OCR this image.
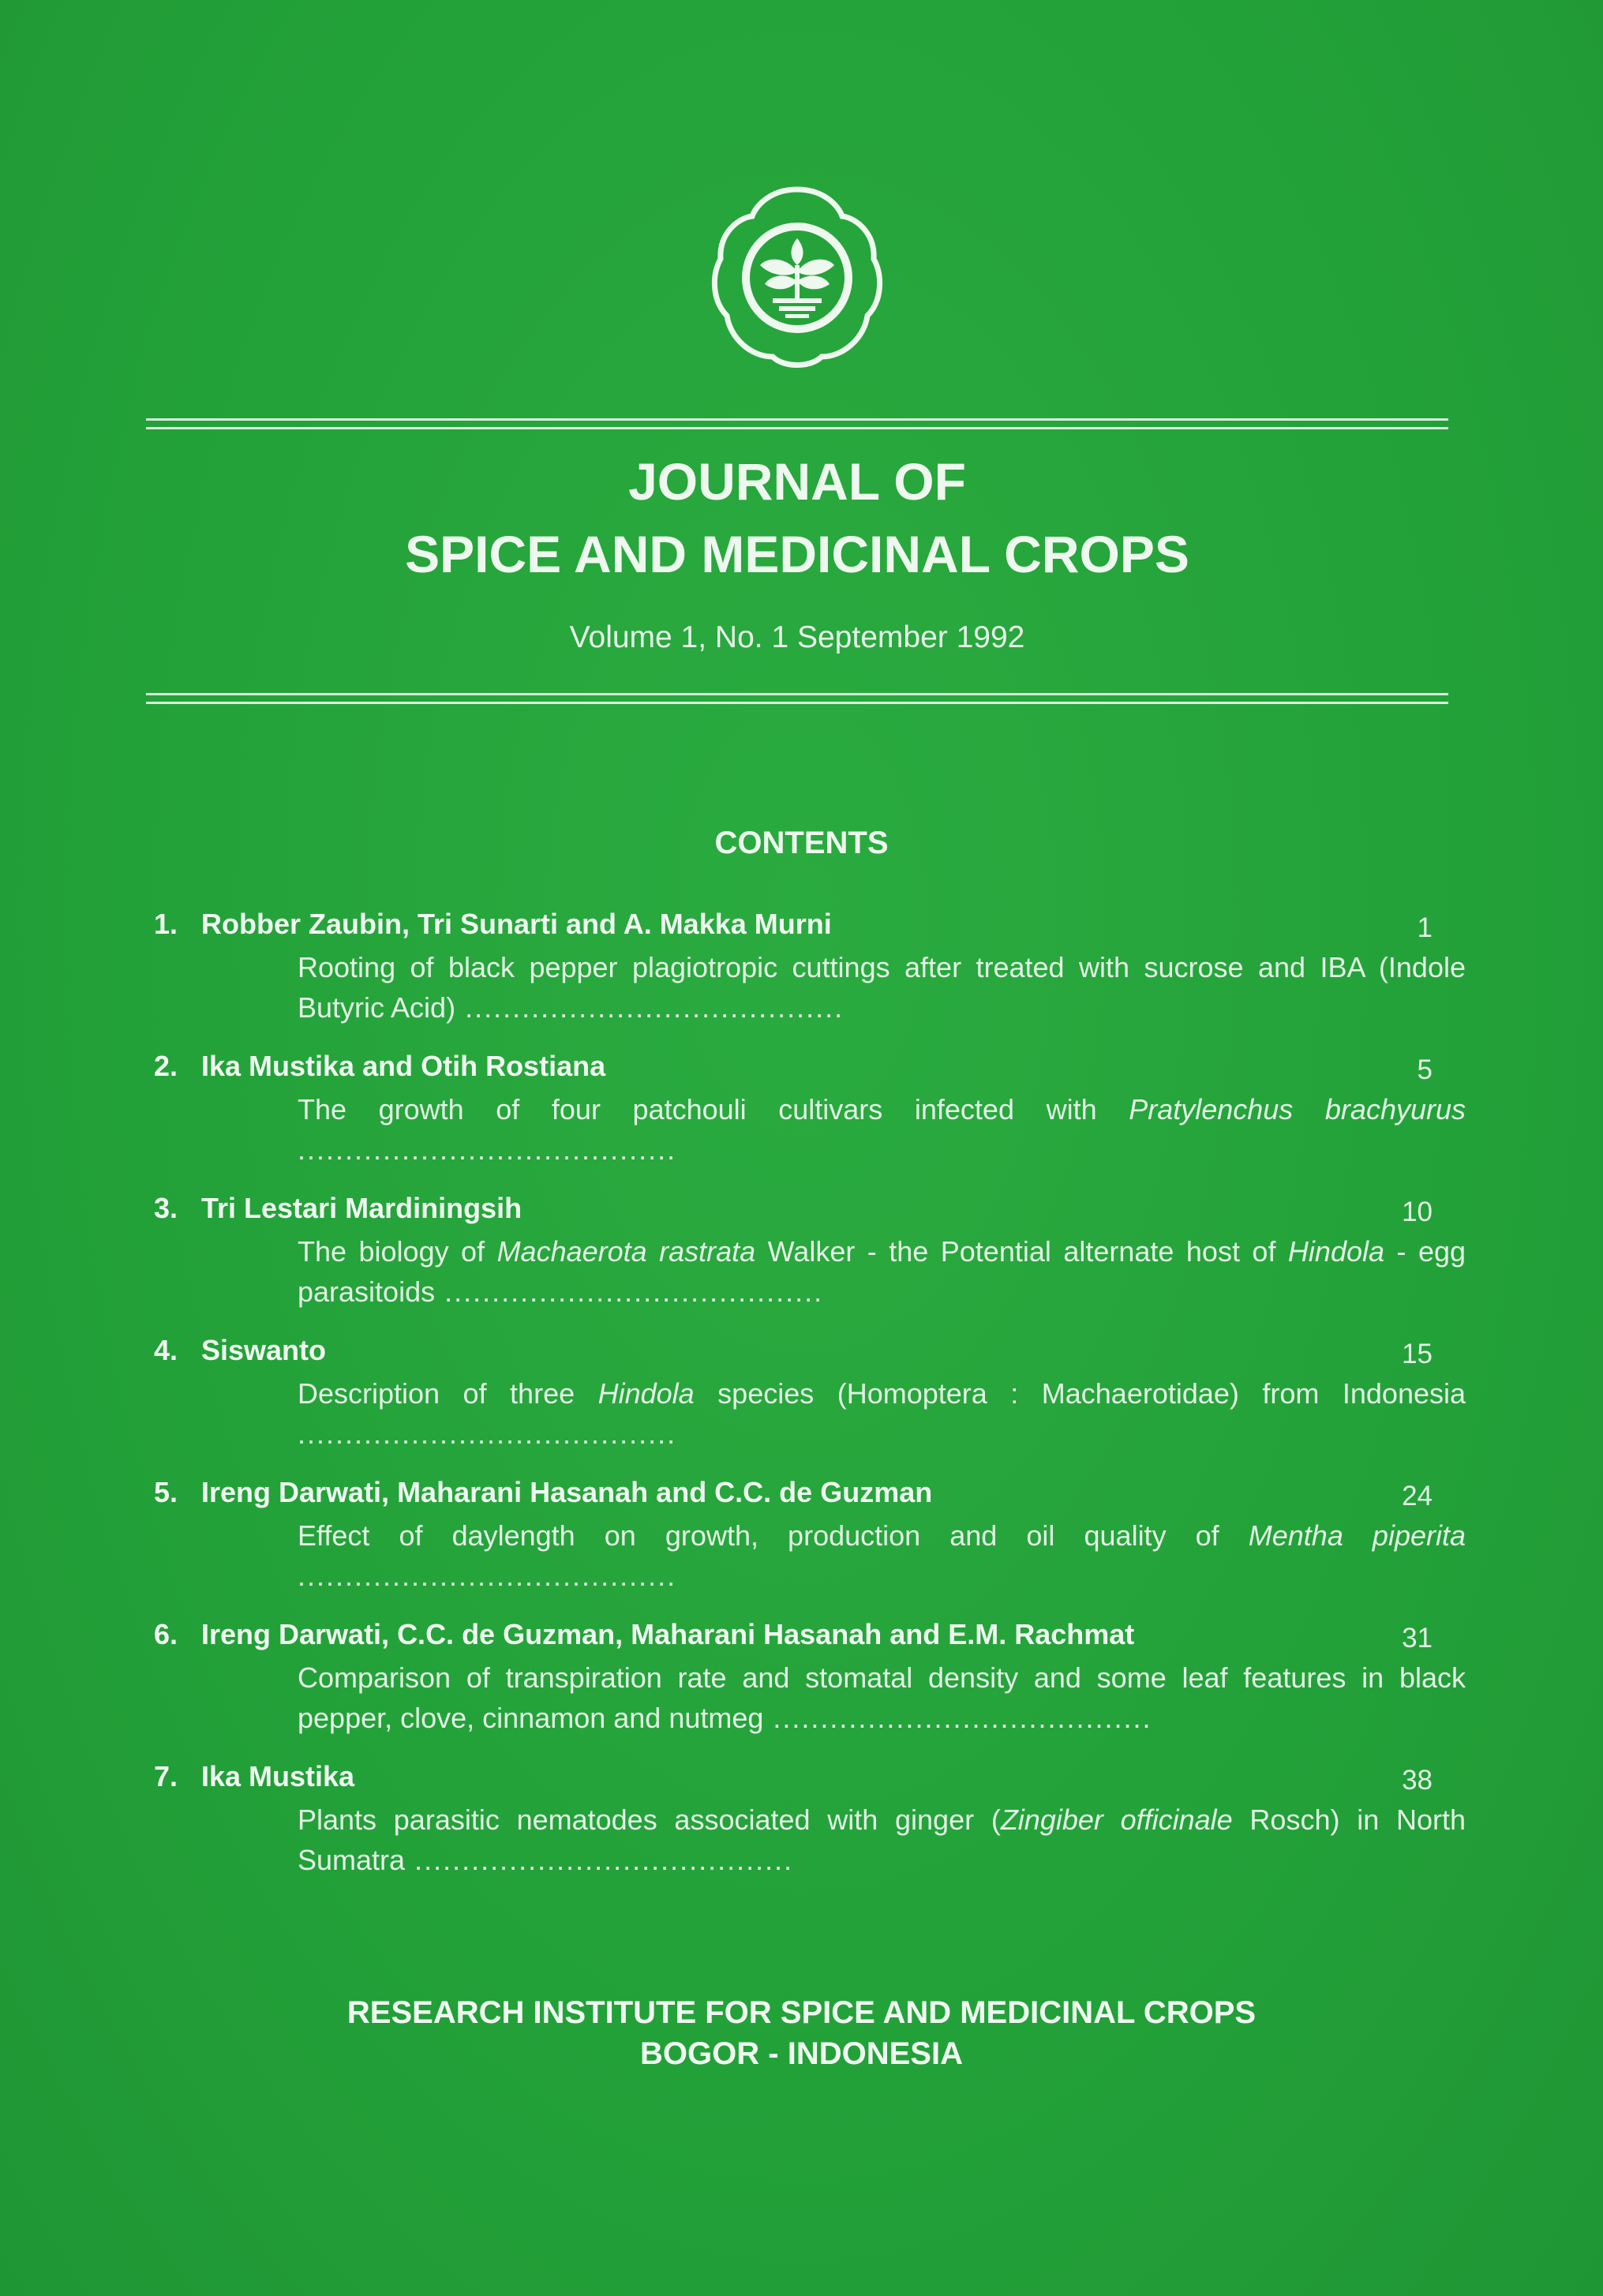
JOURNAL OF
SPICE AND MEDICINAL CROPS
Volume 1, No. 1 September 1992
CONTENTS
1. Robber Zaubin, Tri Sunarti and A. Makka Murni	1
Rooting of black pepper plagiotropic cuttings after treated with sucrose and IBA (Indole Butyric Acid) ........................................
2. Ika Mustika and Otih Rostiana	5
The growth of four patchouli cultivars infected with Pratylenchus brachyurus ........................................
3. Tri Lestari Mardiningsih	10
The biology of Machaerota rastrata Walker - the Potential alternate host of Hindola - egg parasitoids ........................................
4. Siswanto	15
Description of three Hindola species (Homoptera : Machaerotidae) from Indonesia ........................................
5. Ireng Darwati, Maharani Hasanah and C.C. de Guzman	24
Effect of daylength on growth, production and oil quality of Mentha piperita ........................................
6. Ireng Darwati, C.C. de Guzman, Maharani Hasanah and E.M. Rachmat	31
Comparison of transpiration rate and stomatal density and some leaf features in black pepper, clove, cinnamon and nutmeg ........................................
7. Ika Mustika	38
Plants parasitic nematodes associated with ginger (Zingiber officinale Rosch) in North Sumatra ........................................
RESEARCH INSTITUTE FOR SPICE AND MEDICINAL CROPS
BOGOR - INDONESIA
